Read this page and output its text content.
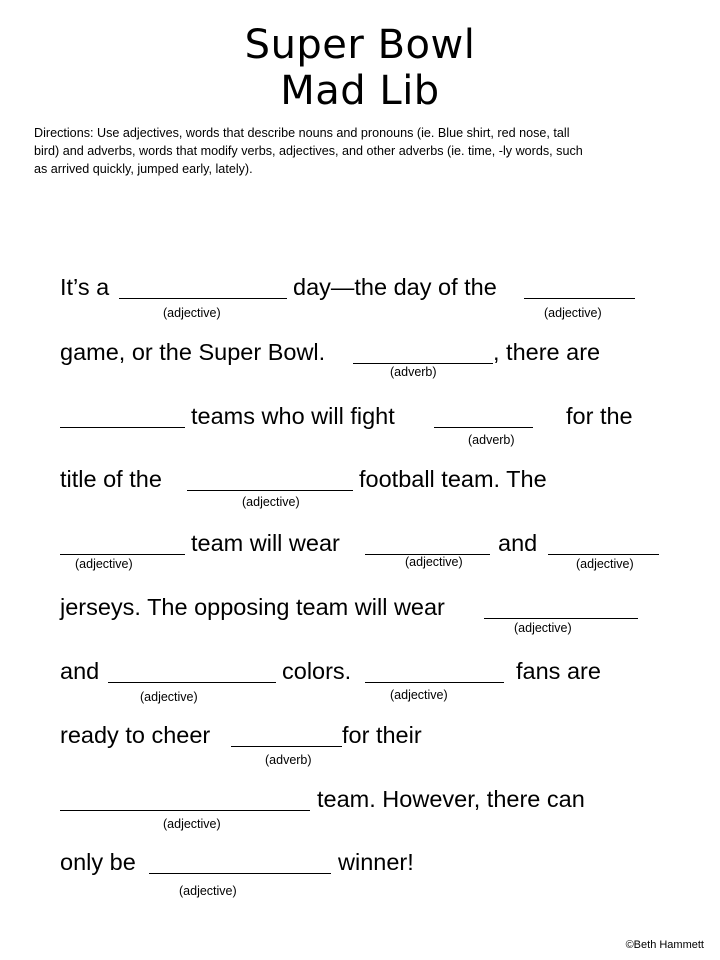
Super Bowl
Mad Lib
Directions: Use adjectives, words that describe nouns and pronouns (ie. Blue shirt, red nose, tall
bird) and adverbs, words that modify verbs, adjectives, and other adverbs (ie. time, -ly words, such
as arrived quickly, jumped early, lately).
It’s a	day—the day of the
(adjective)	(adjective)
game, or the Super Bowl.	, there are
(adverb)
teams who will fight	for the
(adverb)
title of the	football team. The
(adjective)
team will wear	and
(adjective)	(adjective)	(adjective)
jerseys. The opposing team will wear
(adjective)
and	colors.	fans are
(adjective)	(adjective)
ready to cheer	for their
(adverb)
team. However, there can
(adjective)
only be	winner!
(adjective)
©Beth Hammett
